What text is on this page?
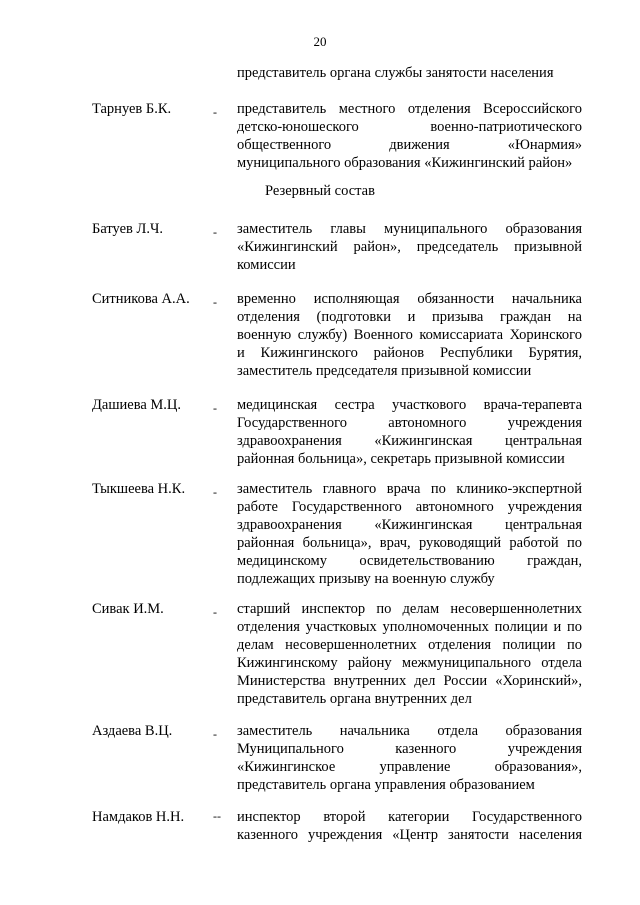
20
представитель органа службы занятости населения
Тарнуев Б.К.	- представитель местного отделения Всероссийского
детско-юношеского военно-патриотического
общественного движения «Юнармия»
муниципального образования «Кижингинский район»
Резервный состав
Батуев Л.Ч.	- заместитель главы муниципального образования
«Кижингинский район», председатель призывной
комиссии
Ситникова А.А. - временно исполняющая обязанности начальника
отделения (подготовки и призыва граждан на
военную службу) Военного комиссариата Хоринского
и Кижингинского районов Республики Бурятия,
заместитель председателя призывной комиссии
Дашиева М.Ц.	- медицинская сестра участкового врача-терапевта
Государственного автономного учреждения
здравоохранения «Кижингинская центральная
районная больница», секретарь призывной комиссии
Тыкшеева Н.К. - заместитель главного врача по клинико-экспертной
работе Государственного автономного учреждения
здравоохранения «Кижингинская центральная
районная больница», врач, руководящий работой по
медицинскому освидетельствованию граждан,
подлежащих призыву на военную службу
Сивак И.М.	- старший инспектор по делам несовершеннолетних
отделения участковых уполномоченных полиции и по
делам несовершеннолетних отделения полиции по
Кижингинскому району межмуниципального отдела
Министерства внутренних дел России «Хоринский»,
представитель органа внутренних дел
Аздаева В.Ц.	- заместитель начальника отдела образования
Муниципального казенного учреждения
«Кижингинское управление образования»,
представитель органа управления образованием
Намдаков Н.Н. -- инспектор второй категории Государственного
казенного учреждения «Центр занятости населения
